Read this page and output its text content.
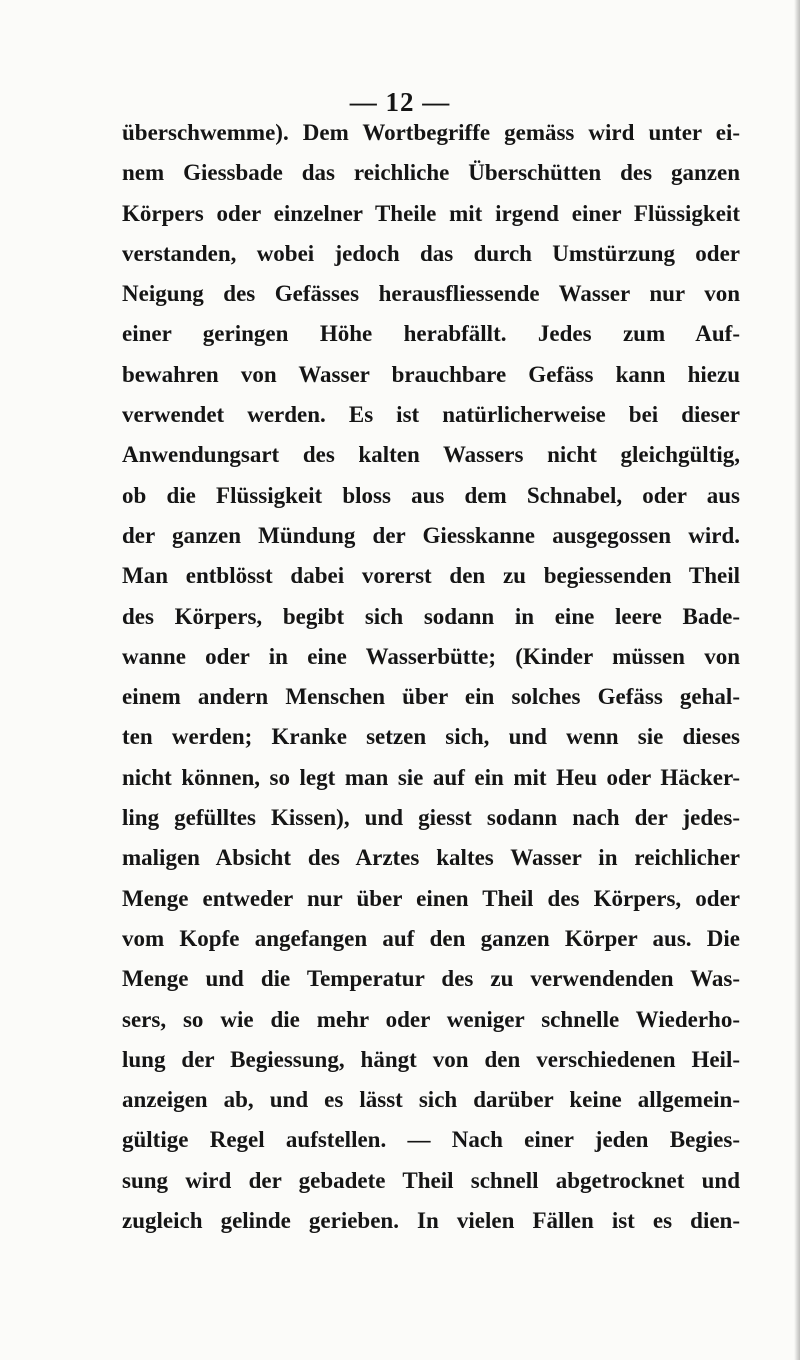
— 12 —
überschwemme). Dem Wortbegriffe gemäss wird unter ei-
nem Giessbade das reichliche Überschütten des ganzen
Körpers oder einzelner Theile mit irgend einer Flüssigkeit
verstanden, wobei jedoch das durch Umstürzung oder
Neigung des Gefässes herausfliessende Wasser nur von
einer geringen Höhe herabfällt. Jedes zum Auf-
bewahren von Wasser brauchbare Gefäss kann hiezu
verwendet werden. Es ist natürlicherweise bei dieser
Anwendungsart des kalten Wassers nicht gleichgültig,
ob die Flüssigkeit bloss aus dem Schnabel, oder aus
der ganzen Mündung der Giesskanne ausgegossen wird.
Man entblösst dabei vorerst den zu begiessenden Theil
des Körpers, begibt sich sodann in eine leere Bade-
wanne oder in eine Wasserbütte; (Kinder müssen von
einem andern Menschen über ein solches Gefäss gehal-
ten werden; Kranke setzen sich, und wenn sie dieses
nicht können, so legt man sie auf ein mit Heu oder Häcker-
ling gefülltes Kissen), und giesst sodann nach der jedes-
maligen Absicht des Arztes kaltes Wasser in reichlicher
Menge entweder nur über einen Theil des Körpers, oder
vom Kopfe angefangen auf den ganzen Körper aus. Die
Menge und die Temperatur des zu verwendenden Was-
sers, so wie die mehr oder weniger schnelle Wiederho-
lung der Begiessung, hängt von den verschiedenen Heil-
anzeigen ab, und es lässt sich darüber keine allgemein-
gültige Regel aufstellen. — Nach einer jeden Begies-
sung wird der gebadete Theil schnell abgetrocknet und
zugleich gelinde gerieben. In vielen Fällen ist es dien-
